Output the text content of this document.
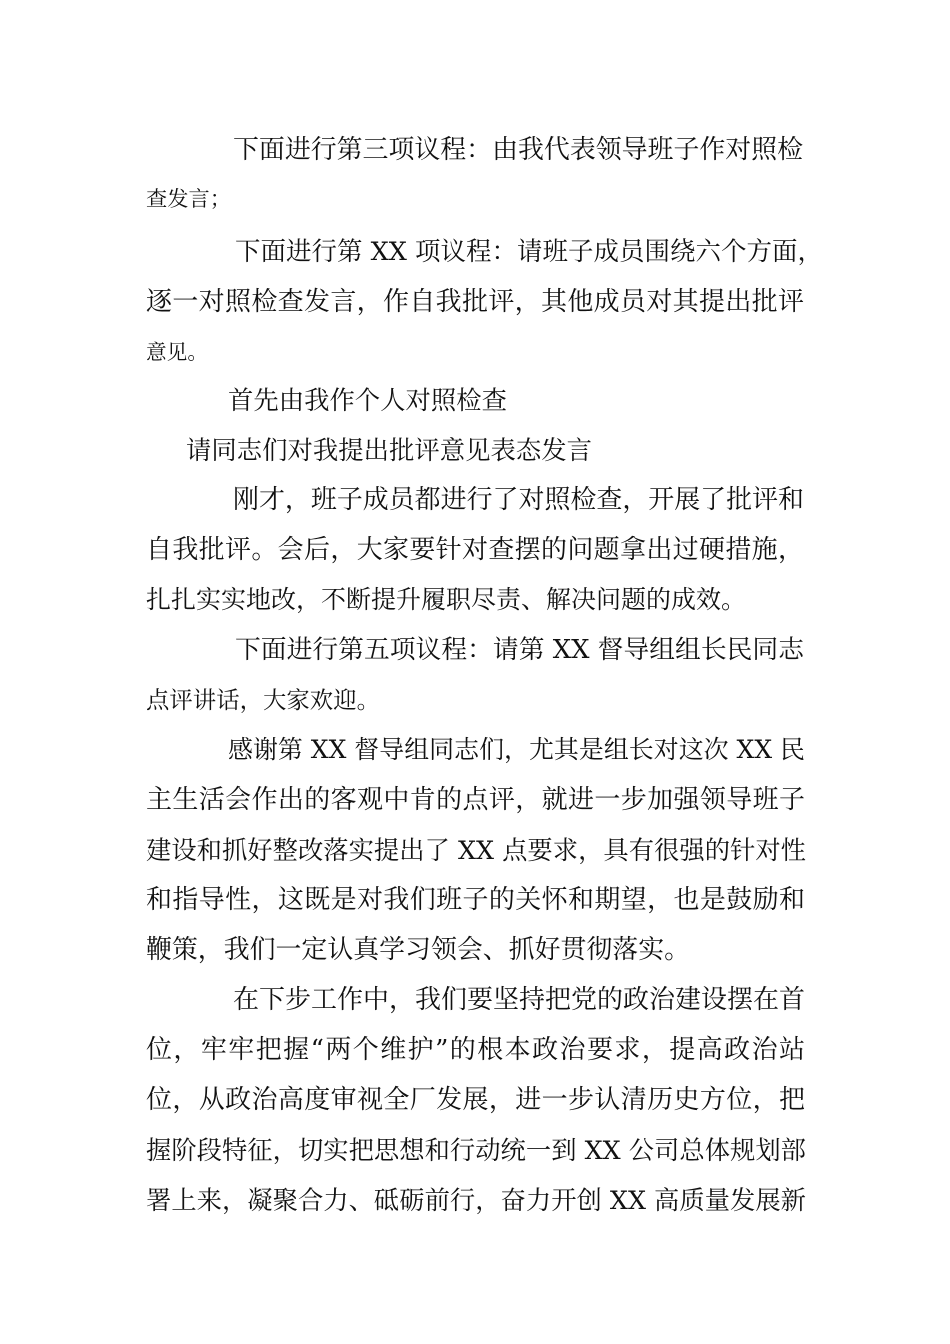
下面进行第三项议程：由我代表领导班子作对照检
查发言；
下面进行第 XX 项议程：请班子成员围绕六个方面，
逐一对照检查发言，作自我批评，其他成员对其提出批评
意见。
首先由我作个人对照检查
请同志们对我提出批评意见表态发言
刚才，班子成员都进行了对照检查，开展了批评和
自我批评。会后，大家要针对查摆的问题拿出过硬措施，
扎扎实实地改，不断提升履职尽责、解决问题的成效。
下面进行第五项议程：请第 XX 督导组组长民同志
点评讲话，大家欢迎。
感谢第 XX 督导组同志们，尤其是组长对这次 XX 民
主生活会作出的客观中肯的点评，就进一步加强领导班子
建设和抓好整改落实提出了 XX 点要求，具有很强的针对性
和指导性，这既是对我们班子的关怀和期望，也是鼓励和
鞭策，我们一定认真学习领会、抓好贯彻落实。
在下步工作中，我们要坚持把党的政治建设摆在首
位，牢牢把握“两个维护”的根本政治要求，提高政治站
位，从政治高度审视全厂发展，进一步认清历史方位，把
握阶段特征，切实把思想和行动统一到 XX 公司总体规划部
署上来，凝聚合力、砥砺前行，奋力开创 XX 高质量发展新
